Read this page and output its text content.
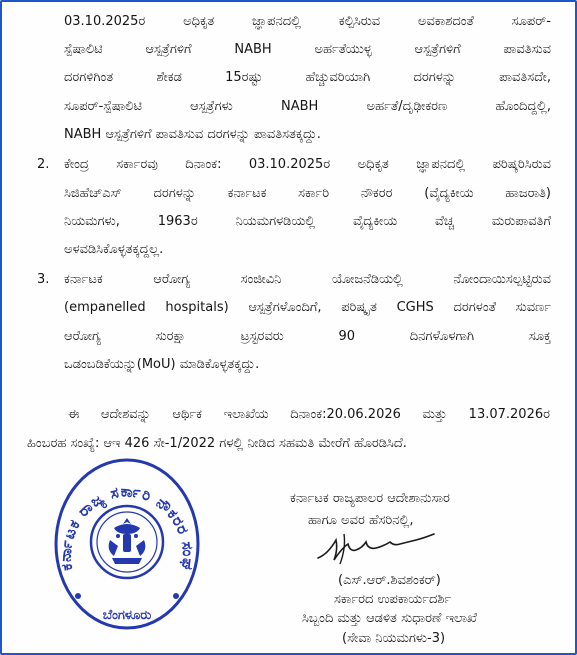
03.10.2025ರ ಅಧಿಕೃತ ಜ್ಞಾಪನದಲ್ಲಿ ಕಲ್ಪಿಸಿರುವ ಅವಕಾಶದಂತೆ ಸೂಪರ್-
ಸ್ಪೆಷಾಲಿಟಿ ಆಸ್ಪತ್ರೆಗಳಿಗೆ NABH ಅರ್ಹತೆಯುಳ್ಳ ಆಸ್ಪತ್ರೆಗಳಿಗೆ ಪಾವತಿಸುವ
ದರಗಳಿಗಿಂತ ಶೇಕಡ 15ರಷ್ಟು ಹೆಚ್ಚುವರಿಯಾಗಿ ದರಗಳನ್ನು ಪಾವತಿಸದೇ,
ಸೂಪರ್-ಸ್ಪೆಷಾಲಿಟಿ ಆಸ್ಪತ್ರೆಗಳು NABH ಅರ್ಹತೆ/ದೃಢೀಕರಣ ಹೊಂದಿದ್ದಲ್ಲಿ,
NABH ಆಸ್ಪತ್ರೆಗಳಿಗೆ ಪಾವತಿಸುವ ದರಗಳನ್ನು ಪಾವತಿಸತಕ್ಕದ್ದು.
2. ಕೇಂದ್ರ ಸರ್ಕಾರವು ದಿನಾಂಕ: 03.10.2025ರ ಅಧಿಕೃತ ಜ್ಞಾಪನದಲ್ಲಿ ಪರಿಷ್ಕರಿಸಿರುವ
ಸಿಜಿಹೆಚ್ಎಸ್ ದರಗಳನ್ನು ಕರ್ನಾಟಕ ಸರ್ಕಾರಿ ನೌಕರರ (ವೈದ್ಯಕೀಯ ಹಾಜರಾತಿ)
ನಿಯಮಗಳು, 1963ರ ನಿಯಮಗಳಡಿಯಲ್ಲಿ ವೈದ್ಯಕೀಯ ವೆಚ್ಚ ಮರುಪಾವತಿಗೆ
ಅಳವಡಿಸಿಕೊಳ್ಳತಕ್ಕದ್ದಲ್ಲ.
3. ಕರ್ನಾಟಕ ಆರೋಗ್ಯ ಸಂಜೀವಿನಿ ಯೋಜನೆಡಿಯಲ್ಲಿ ನೋಂದಾಯಿಸಲ್ಪಟ್ಟಿರುವ
(empanelled hospitals) ಆಸ್ಪತ್ರೆಗಳೊಂದಿಗೆ, ಪರಿಷ್ಕೃತ CGHS ದರಗಳಂತೆ ಸುವರ್ಣ
ಆರೋಗ್ಯ ಸುರಕ್ಷಾ ಟ್ರಸ್ಟರವರು 90 ದಿನಗಳೊಳಗಾಗಿ ಸೂಕ್ತ
ಒಡಂಬಡಿಕೆಯನ್ನು(MoU) ಮಾಡಿಕೊಳ್ಳತಕ್ಕದ್ದು.
ಈ ಆದೇಶವನ್ನು ಆರ್ಥಿಕ ಇಲಾಖೆಯ ದಿನಾಂಕ:20.06.2026 ಮತ್ತು 13.07.2026ರ
ಹಿಂಬರಹ ಸಂಖ್ಯೆ: ಆಇ 426 ಸೇ-1/2022 ಗಳಲ್ಲಿ ನೀಡಿದ ಸಹಮತಿ ಮೇರೆಗೆ ಹೊರಡಿಸಿದೆ.
ಕರ್ನಾಟಕ ರಾಜ್ಯ ಸರ್ಕಾರಿ ನೌಕರರ ಸಂಘ
ಬೆಂಗಳೂರು
ಕರ್ನಾಟಕ ರಾಜ್ಯಪಾಲರ ಆದೇಶಾನುಸಾರ
ಹಾಗೂ ಅವರ ಹೆಸರಿನಲ್ಲಿ,
(ಎಸ್.ಆರ್.ಶಿವಶಂಕರ್)
ಸರ್ಕಾರದ ಉಪಕಾರ್ಯದರ್ಶಿ
ಸಿಬ್ಬಂದಿ ಮತ್ತು ಆಡಳಿತ ಸುಧಾರಣೆ ಇಲಾಖೆ
(ಸೇವಾ ನಿಯಮಗಳು-3)
